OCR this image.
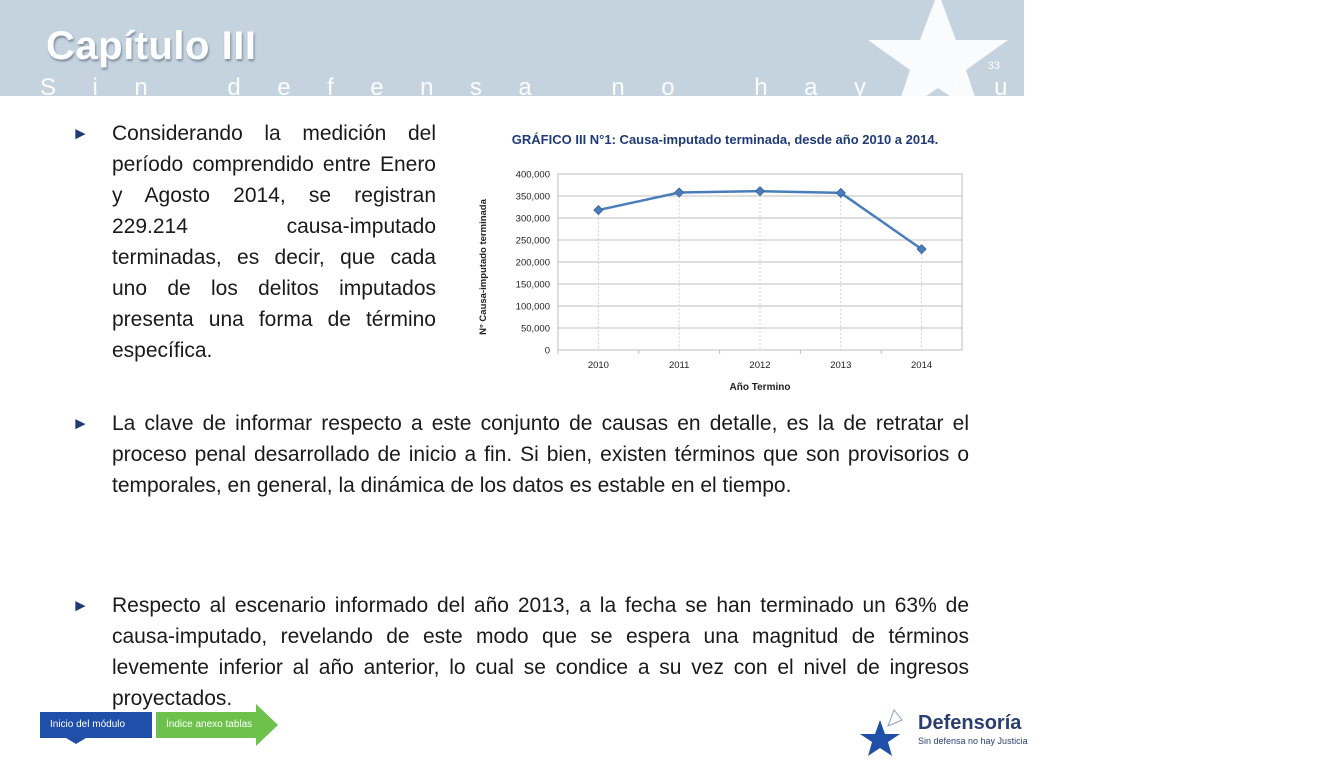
Capítulo III
Sin defensa no hay Justicia
33
► Considerando la medición del período comprendido entre Enero y Agosto 2014, se registran 229.214 causa-imputado terminadas, es decir, que cada uno de los delitos imputados presenta una forma de término específica.
GRÁFICO III N°1: Causa-imputado terminada, desde año 2010 a 2014.
0
50,000
100,000
150,000
200,000
250,000
300,000
350,000
400,000
2010	2011	2012	2013	2014
Año Termino
N° Causa-imputado terminada
► La clave de informar respecto a este conjunto de causas en detalle, es la de retratar el proceso penal desarrollado de inicio a fin. Si bien, existen términos que son provisorios o temporales, en general, la dinámica de los datos es estable en el tiempo.
► Respecto al escenario informado del año 2013, a la fecha se han terminado un 63% de causa-imputado, revelando de este modo que se espera una magnitud de términos levemente inferior al año anterior, lo cual se condice a su vez con el nivel de ingresos proyectados.
Inicio del módulo	Índice anexo tablas	Defensoría
Sin defensa no hay Justicia
